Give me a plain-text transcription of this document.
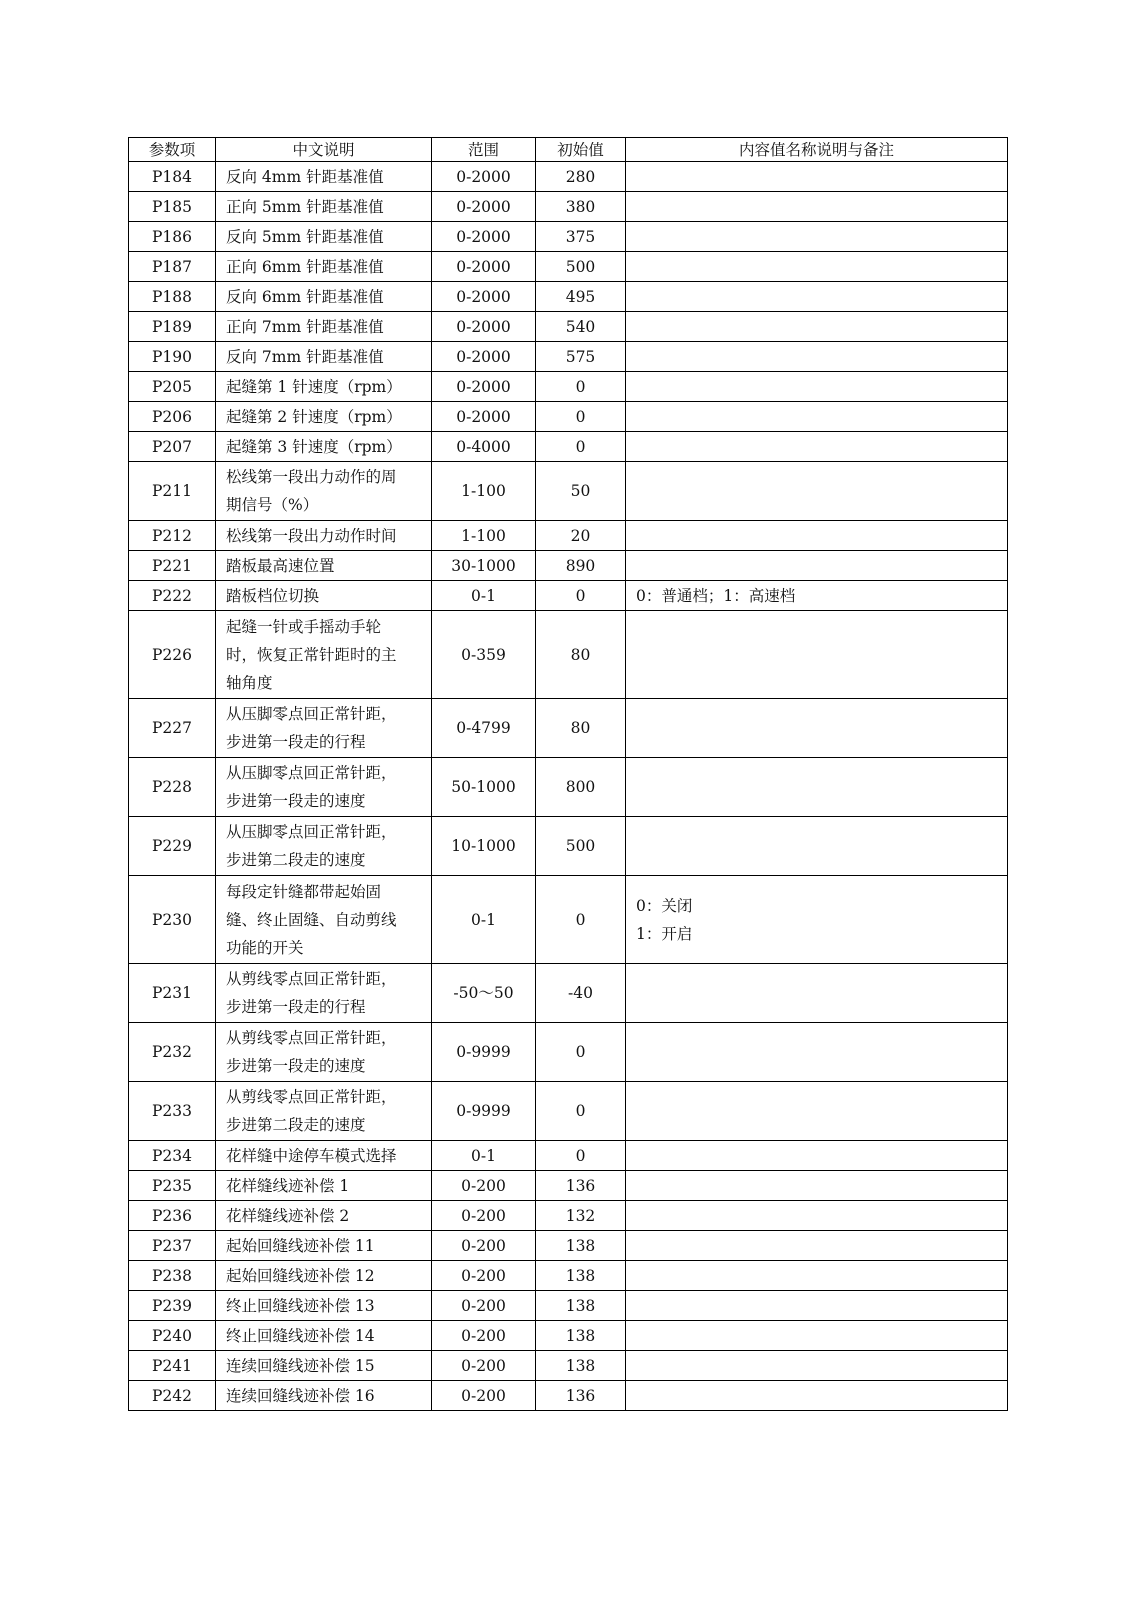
参数项	中文说明	范围	初始值	内容值名称说明与备注
P184	反向 4mm 针距基准值	0-2000	280	
P185	正向 5mm 针距基准值	0-2000	380	
P186	反向 5mm 针距基准值	0-2000	375	
P187	正向 6mm 针距基准值	0-2000	500	
P188	反向 6mm 针距基准值	0-2000	495	
P189	正向 7mm 针距基准值	0-2000	540	
P190	反向 7mm 针距基准值	0-2000	575	
P205	起缝第 1 针速度（rpm）	0-2000	0	
P206	起缝第 2 针速度（rpm）	0-2000	0	
P207	起缝第 3 针速度（rpm）	0-4000	0	
P211	松线第一段出力动作的周
期信号（%）	1-100	50	
P212	松线第一段出力动作时间	1-100	20	
P221	踏板最高速位置	30-1000	890	
P222	踏板档位切换	0-1	0	0：普通档；1：高速档

P226	起缝一针或手摇动手轮
时，恢复正常针距时的主
轴角度	0-359	80	
P227	从压脚零点回正常针距，
步进第一段走的行程	0-4799	80	
P228	从压脚零点回正常针距，
步进第一段走的速度	50-1000	800	
P229	从压脚零点回正常针距，
步进第二段走的速度	10-1000	500	
P230	每段定针缝都带起始固
缝、终止固缝、自动剪线
功能的开关	0-1	0	0：关闭
1：开启

P231	从剪线零点回正常针距，
步进第一段走的行程	-50～50	-40	
P232	从剪线零点回正常针距，
步进第一段走的速度	0-9999	0	
P233	从剪线零点回正常针距，
步进第二段走的速度	0-9999	0	
P234	花样缝中途停车模式选择	0-1	0	
P235	花样缝线迹补偿 1	0-200	136	
P236	花样缝线迹补偿 2	0-200	132	
P237	起始回缝线迹补偿 11	0-200	138	
P238	起始回缝线迹补偿 12	0-200	138	
P239	终止回缝线迹补偿 13	0-200	138	
P240	终止回缝线迹补偿 14	0-200	138	
P241	连续回缝线迹补偿 15	0-200	138	
P242	连续回缝线迹补偿 16	0-200	136	
